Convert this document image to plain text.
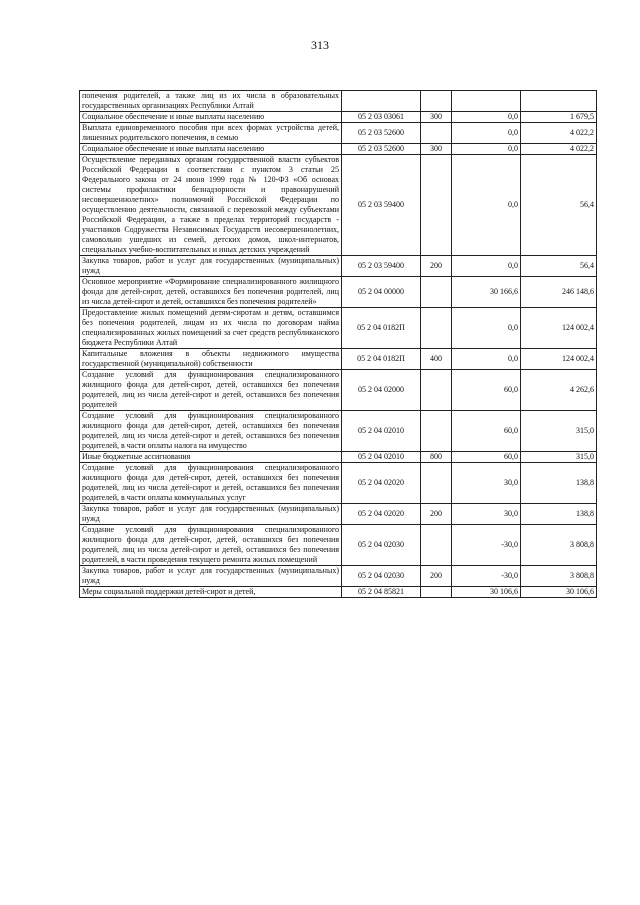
313
попечения родителей, а также лиц из их числа в образовательных государственных организациях Республики Алтай				
Социальное обеспечение и иные выплаты населению	05 2 03 03061	300	0,0	1 679,5
Выплата единовременного пособия при всех формах устройства детей, лишенных родительского попечения, в семью	05 2 03 52600		0,0	4 022,2
Социальное обеспечение и иные выплаты населению	05 2 03 52600	300	0,0	4 022,2
Осуществление переданных органам государственной власти субъектов Российской Федерации в соответствии с пунктом 3 статьи 25 Федерального закона от 24 июня 1999 года № 120-ФЗ «Об основах системы профилактики безнадзорности и правонарушений несовершеннолетних» полномочий Российской Федерации по осуществлению деятельности, связанной с перевозкой между субъектами Российской Федерации, а также в пределах территорий государств - участников Содружества Независимых Государств несовершеннолетних, самовольно ушедших из семей, детских домов, школ-интернатов, специальных учебно-воспитательных и иных детских учреждений	05 2 03 59400		0,0	56,4
Закупка товаров, работ и услуг для государственных (муниципальных) нужд	05 2 03 59400	200	0,0	56,4
Основное мероприятие «Формирование специализированного жилищного фонда для детей-сирот, детей, оставшихся без попечения родителей, лиц из числа детей-сирот и детей, оставшихся без попечения родителей»	05 2 04 00000		30 166,6	246 148,6
Предоставление жилых помещений детям-сиротам и детям, оставшимся без попечения родителей, лицам из их числа по договорам найма специализированных жилых помещений за счет средств республиканского бюджета Республики Алтай	05 2 04 0182П		0,0	124 002,4
Капитальные вложения в объекты недвижимого имущества государственной (муниципальной) собственности	05 2 04 0182П	400	0,0	124 002,4
Создание условий для функционирования специализированного жилищного фонда для детей-сирот, детей, оставшихся без попечения родителей, лиц из числа детей-сирот и детей, оставшихся без попечения родителей	05 2 04 02000		60,0	4 262,6
Создание условий для функционирования специализированного жилищного фонда для детей-сирот, детей, оставшихся без попечения родителей, лиц из числа детей-сирот и детей, оставшихся без попечения родителей, в части оплаты налога на имущество	05 2 04 02010		60,0	315,0
Иные бюджетные ассигнования	05 2 04 02010	800	60,0	315,0
Создание условий для функционирования специализированного жилищного фонда для детей-сирот, детей, оставшихся без попечения родителей, лиц из числа детей-сирот и детей, оставшихся без попечения родителей, в части оплаты коммунальных услуг	05 2 04 02020		30,0	138,8
Закупка товаров, работ и услуг для государственных (муниципальных) нужд	05 2 04 02020	200	30,0	138,8
Создание условий для функционирования специализированного жилищного фонда для детей-сирот, детей, оставшихся без попечения родителей, лиц из числа детей-сирот и детей, оставшихся без попечения родителей, в части проведения текущего ремонта жилых помещений	05 2 04 02030		-30,0	3 808,8
Закупка товаров, работ и услуг для государственных (муниципальных) нужд	05 2 04 02030	200	-30,0	3 808,8
Меры социальной поддержки детей-сирот и детей,	05 2 04 85821		30 106,6	30 106,6
